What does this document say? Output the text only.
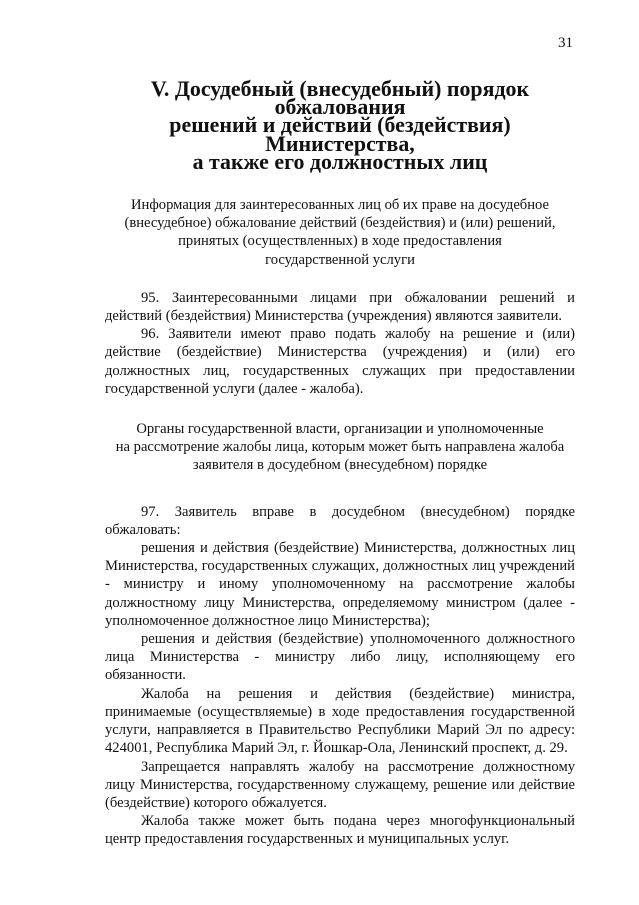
31
V. Досудебный (внесудебный) порядок обжалования
решений и действий (бездействия) Министерства,
а также его должностных лиц
Информация для заинтересованных лиц об их праве на досудебное
(внесудебное) обжалование действий (бездействия) и (или) решений,
принятых (осуществленных) в ходе предоставления
государственной услуги

95. Заинтересованными лицами при обжаловании решений и действий (бездействия) Министерства (учреждения) являются заявители.

96. Заявители имеют право подать жалобу на решение и (или) действие (бездействие) Министерства (учреждения) и (или) его должностных лиц, государственных служащих при предоставлении государственной услуги (далее - жалоба).

Органы государственной власти, организации и уполномоченные
на рассмотрение жалобы лица, которым может быть направлена жалоба
заявителя в досудебном (внесудебном) порядке

97. Заявитель вправе в досудебном (внесудебном) порядке обжаловать:

решения и действия (бездействие) Министерства, должностных лиц Министерства, государственных служащих, должностных лиц учреждений - министру и иному уполномоченному на рассмотрение жалобы должностному лицу Министерства, определяемому министром (далее - уполномоченное должностное лицо Министерства);

решения и действия (бездействие) уполномоченного должностного лица Министерства - министру либо лицу, исполняющему его обязанности.

Жалоба на решения и действия (бездействие) министра, принимаемые (осуществляемые) в ходе предоставления государственной услуги, направляется в Правительство Республики Марий Эл по адресу: 424001, Республика Марий Эл, г. Йошкар-Ола, Ленинский проспект, д. 29.

Запрещается направлять жалобу на рассмотрение должностному лицу Министерства, государственному служащему, решение или действие (бездействие) которого обжалуется.

Жалоба также может быть подана через многофункциональный центр предоставления государственных и муниципальных услуг.
